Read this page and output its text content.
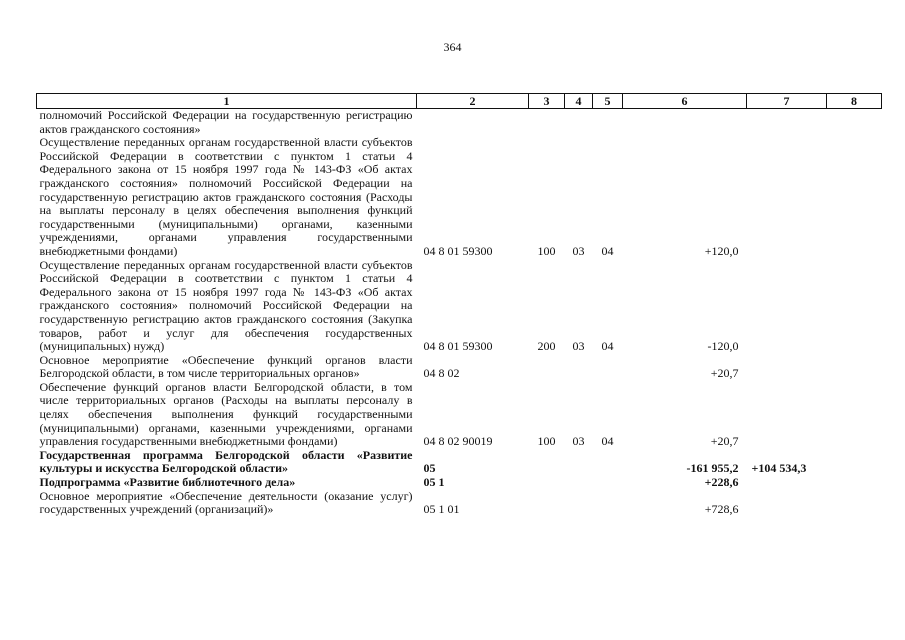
364
1	2	3	4	5	6	7	8
полномочий Российской Федерации на государственную регистрацию актов гражданского состояния»							
Осуществление переданных органам государственной власти субъектов Российской Федерации в соответствии с пунктом 1 статьи 4 Федерального закона от 15 ноября 1997 года № 143-ФЗ «Об актах гражданского состояния» полномочий Российской Федерации на государственную регистрацию актов гражданского состояния (Расходы на выплаты персоналу в целях обеспечения выполнения функций государственными (муниципальными) органами, казенными учреждениями, органами управления государственными внебюджетными фондами)	04 8 01 59300	100	03	04	+120,0		
Осуществление переданных органам государственной власти субъектов Российской Федерации в соответствии с пунктом 1 статьи 4 Федерального закона от 15 ноября 1997 года № 143-ФЗ «Об актах гражданского состояния» полномочий Российской Федерации на государственную регистрацию актов гражданского состояния (Закупка товаров, работ и услуг для обеспечения государственных (муниципальных) нужд)	04 8 01 59300	200	03	04	-120,0		
Основное мероприятие «Обеспечение функций органов власти Белгородской области, в том числе территориальных органов»	04 8 02				+20,7		
Обеспечение функций органов власти Белгородской области, в том числе территориальных органов (Расходы на выплаты персоналу в целях обеспечения выполнения функций государственными (муниципальными) органами, казенными учреждениями, органами управления государственными внебюджетными фондами)	04 8 02 90019	100	03	04	+20,7		
Государственная программа Белгородской области «Развитие культуры и искусства Белгородской области»	05				-161 955,2	+104 534,3	
Подпрограмма «Развитие библиотечного дела»	05 1				+228,6		
Основное мероприятие «Обеспечение деятельности (оказание услуг) государственных учреждений (организаций)»	05 1 01				+728,6		
